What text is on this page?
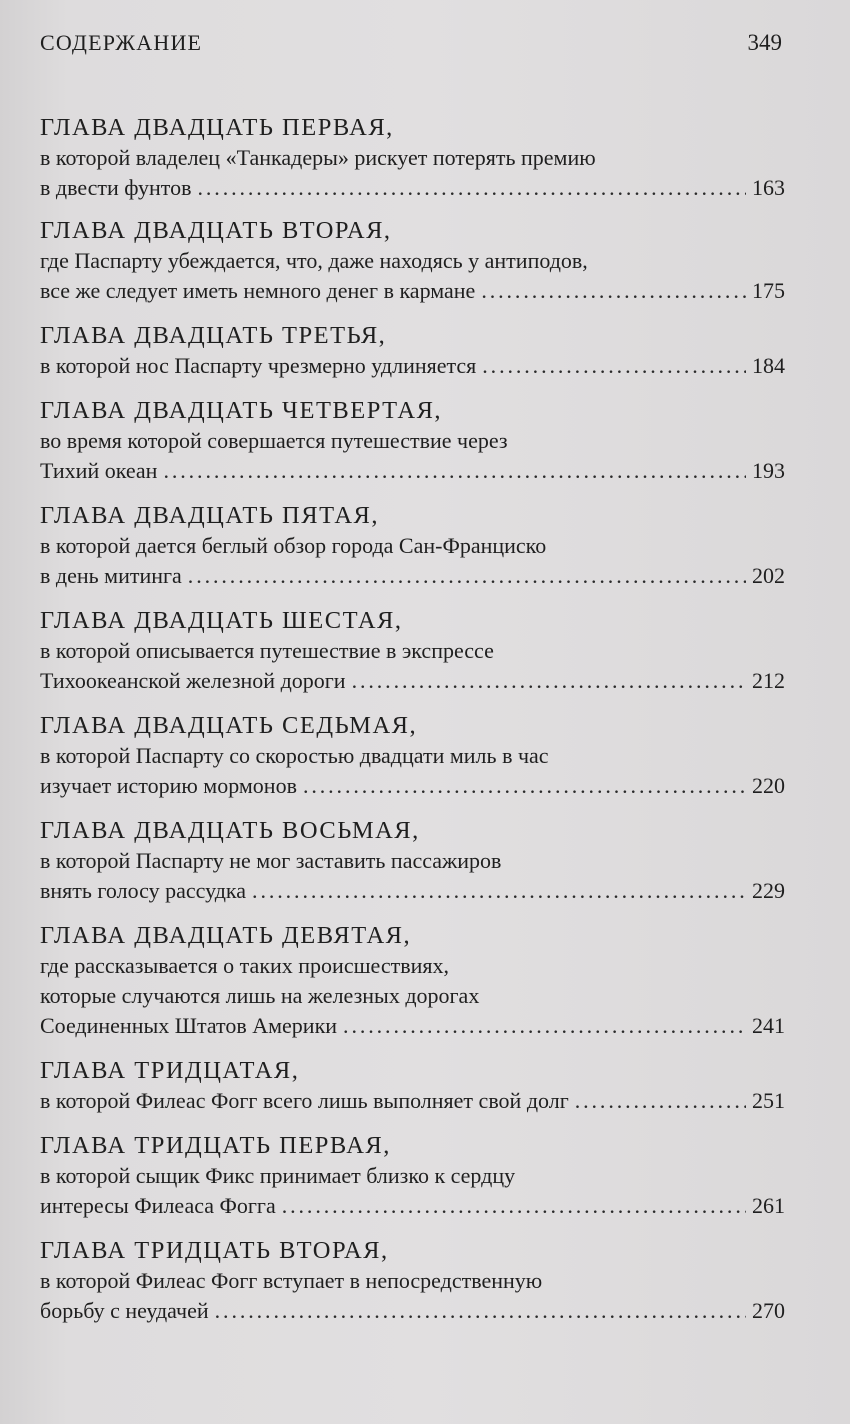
СОДЕРЖАНИЕ	349
ГЛАВА ДВАДЦАТЬ ПЕРВАЯ,
в которой владелец «Танкадеры» рискует потерять премию
в двести фунтов . . .	163
ГЛАВА ДВАДЦАТЬ ВТОРАЯ,
где Паспарту убеждается, что, даже находясь у антиподов,
все же следует иметь немного денег в кармане . . .	175
ГЛАВА ДВАДЦАТЬ ТРЕТЬЯ,
в которой нос Паспарту чрезмерно удлиняется . . .	184
ГЛАВА ДВАДЦАТЬ ЧЕТВЕРТАЯ,
во время которой совершается путешествие через
Тихий океан . . .	193
ГЛАВА ДВАДЦАТЬ ПЯТАЯ,
в которой дается беглый обзор города Сан-Франциско
в день митинга . . .	202
ГЛАВА ДВАДЦАТЬ ШЕСТАЯ,
в которой описывается путешествие в экспрессе
Тихоокеанской железной дороги . . .	212
ГЛАВА ДВАДЦАТЬ СЕДЬМАЯ,
в которой Паспарту со скоростью двадцати миль в час
изучает историю мормонов . . .	220
ГЛАВА ДВАДЦАТЬ ВОСЬМАЯ,
в которой Паспарту не мог заставить пассажиров
внять голосу рассудка . . .	229
ГЛАВА ДВАДЦАТЬ ДЕВЯТАЯ,
где рассказывается о таких происшествиях,
которые случаются лишь на железных дорогах
Соединенных Штатов Америки . . .	241
ГЛАВА ТРИДЦАТАЯ,
в которой Филеас Фогг всего лишь выполняет свой долг . . .	251
ГЛАВА ТРИДЦАТЬ ПЕРВАЯ,
в которой сыщик Фикс принимает близко к сердцу
интересы Филеаса Фогга . . .	261
ГЛАВА ТРИДЦАТЬ ВТОРАЯ,
в которой Филеас Фогг вступает в непосредственную
борьбу с неудачей . . .	270
